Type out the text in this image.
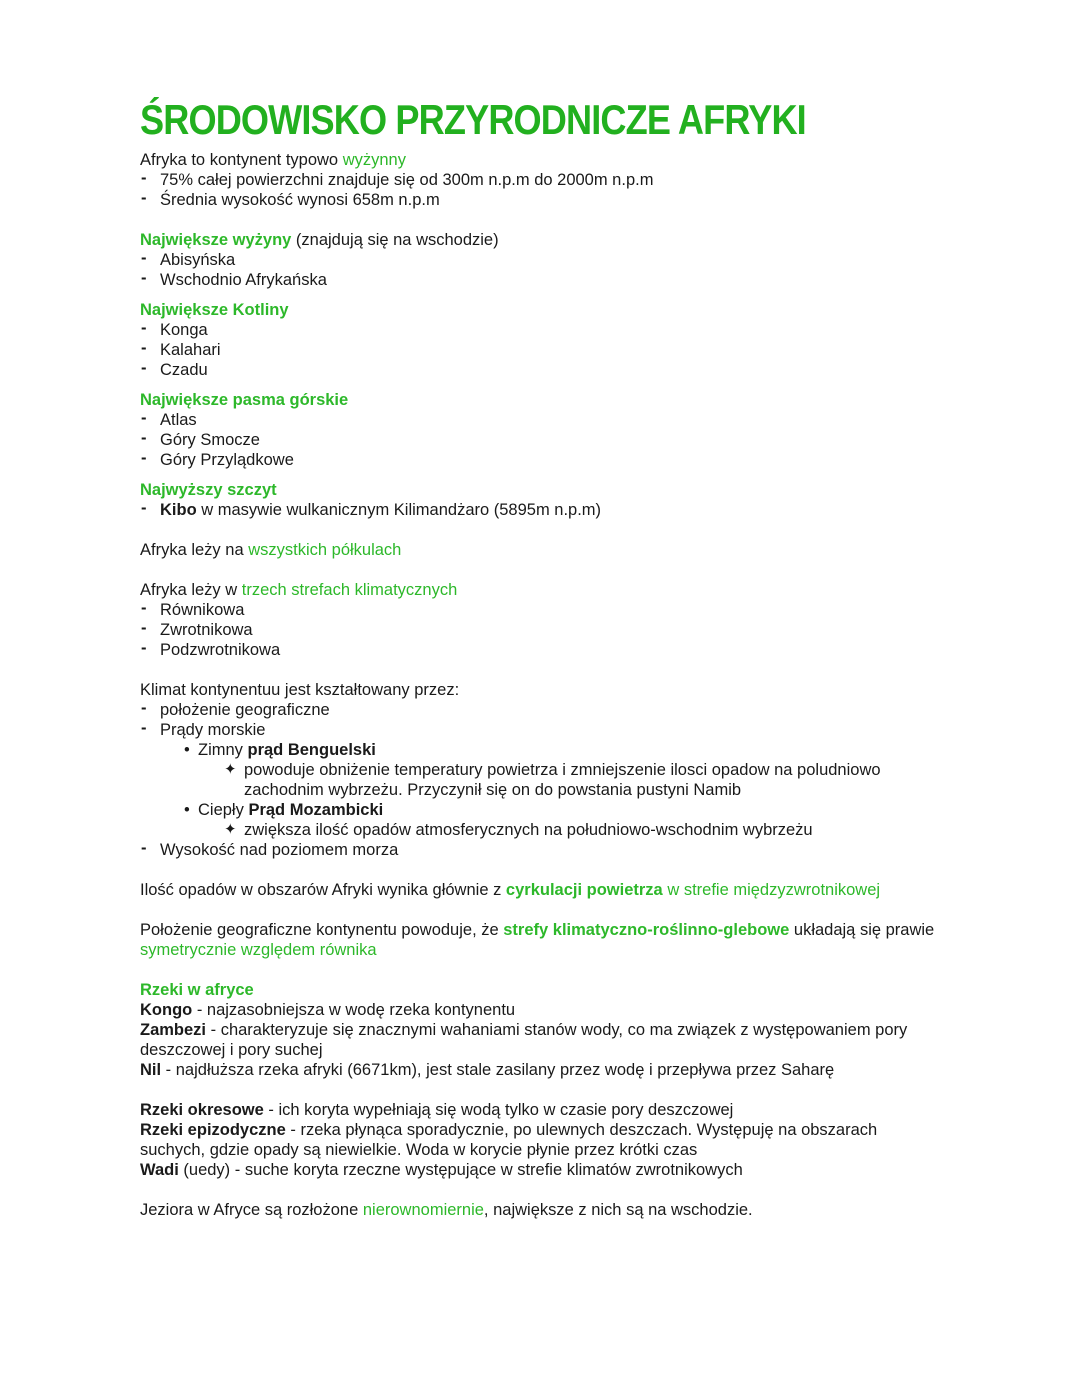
ŚRODOWISKO PRZYRODNICZE AFRYKI

Afryka to kontynent typowo wyżynny

- 75% całej powierzchni znajduje się od 300m n.p.m do 2000m n.p.m
- Średnia wysokość wynosi 658m n.p.m

Największe wyżyny (znajdują się na wschodzie)

- Abisyńska
- Wschodnio Afrykańska

Największe Kotliny

- Konga
- Kalahari
- Czadu

Największe pasma górskie

- Atlas
- Góry Smocze
- Góry Przylądkowe

Najwyższy szczyt

- Kibo w masywie wulkanicznym Kilimandżaro (5895m n.p.m)

Afryka leży na wszystkich półkulach

Afryka leży w trzech strefach klimatycznych

- Równikowa
- Zwrotnikowa
- Podzwrotnikowa

Klimat kontynentuu jest kształtowany przez:

- położenie geograficzne
- Prądy morskie
• Zimny prąd Benguelski
✦ powoduje obniżenie temperatury powietrza i zmniejszenie ilosci opadow na poludniowo zachodnim wybrzeżu. Przyczynił się on do powstania pustyni Namib
• Ciepły Prąd Mozambicki
✦ zwiększa ilość opadów atmosferycznych na południowo-wschodnim wybrzeżu
- Wysokość nad poziomem morza

Ilość opadów w obszarów Afryki wynika głównie z cyrkulacji powietrza w strefie międzyzwrotnikowej

Położenie geograficzne kontynentu powoduje, że strefy klimatyczno-roślinno-glebowe układają się prawie symetrycznie względem równika

Rzeki w afryce

Kongo - najzasobniejsza w wodę rzeka kontynentu

Zambezi - charakteryzuje się znacznymi wahaniami stanów wody, co ma związek z występowaniem pory deszczowej i pory suchej

Nil - najdłuższa rzeka afryki (6671km), jest stale zasilany przez wodę i przepływa przez Saharę

Rzeki okresowe - ich koryta wypełniają się wodą tylko w czasie pory deszczowej

Rzeki epizodyczne - rzeka płynąca sporadycznie, po ulewnych deszczach. Występuję na obszarach suchych, gdzie opady są niewielkie. Woda w korycie płynie przez krótki czas

Wadi (uedy) - suche koryta rzeczne występujące w strefie klimatów zwrotnikowych

Jeziora w Afryce są rozłożone nierownomiernie, największe z nich są na wschodzie.
